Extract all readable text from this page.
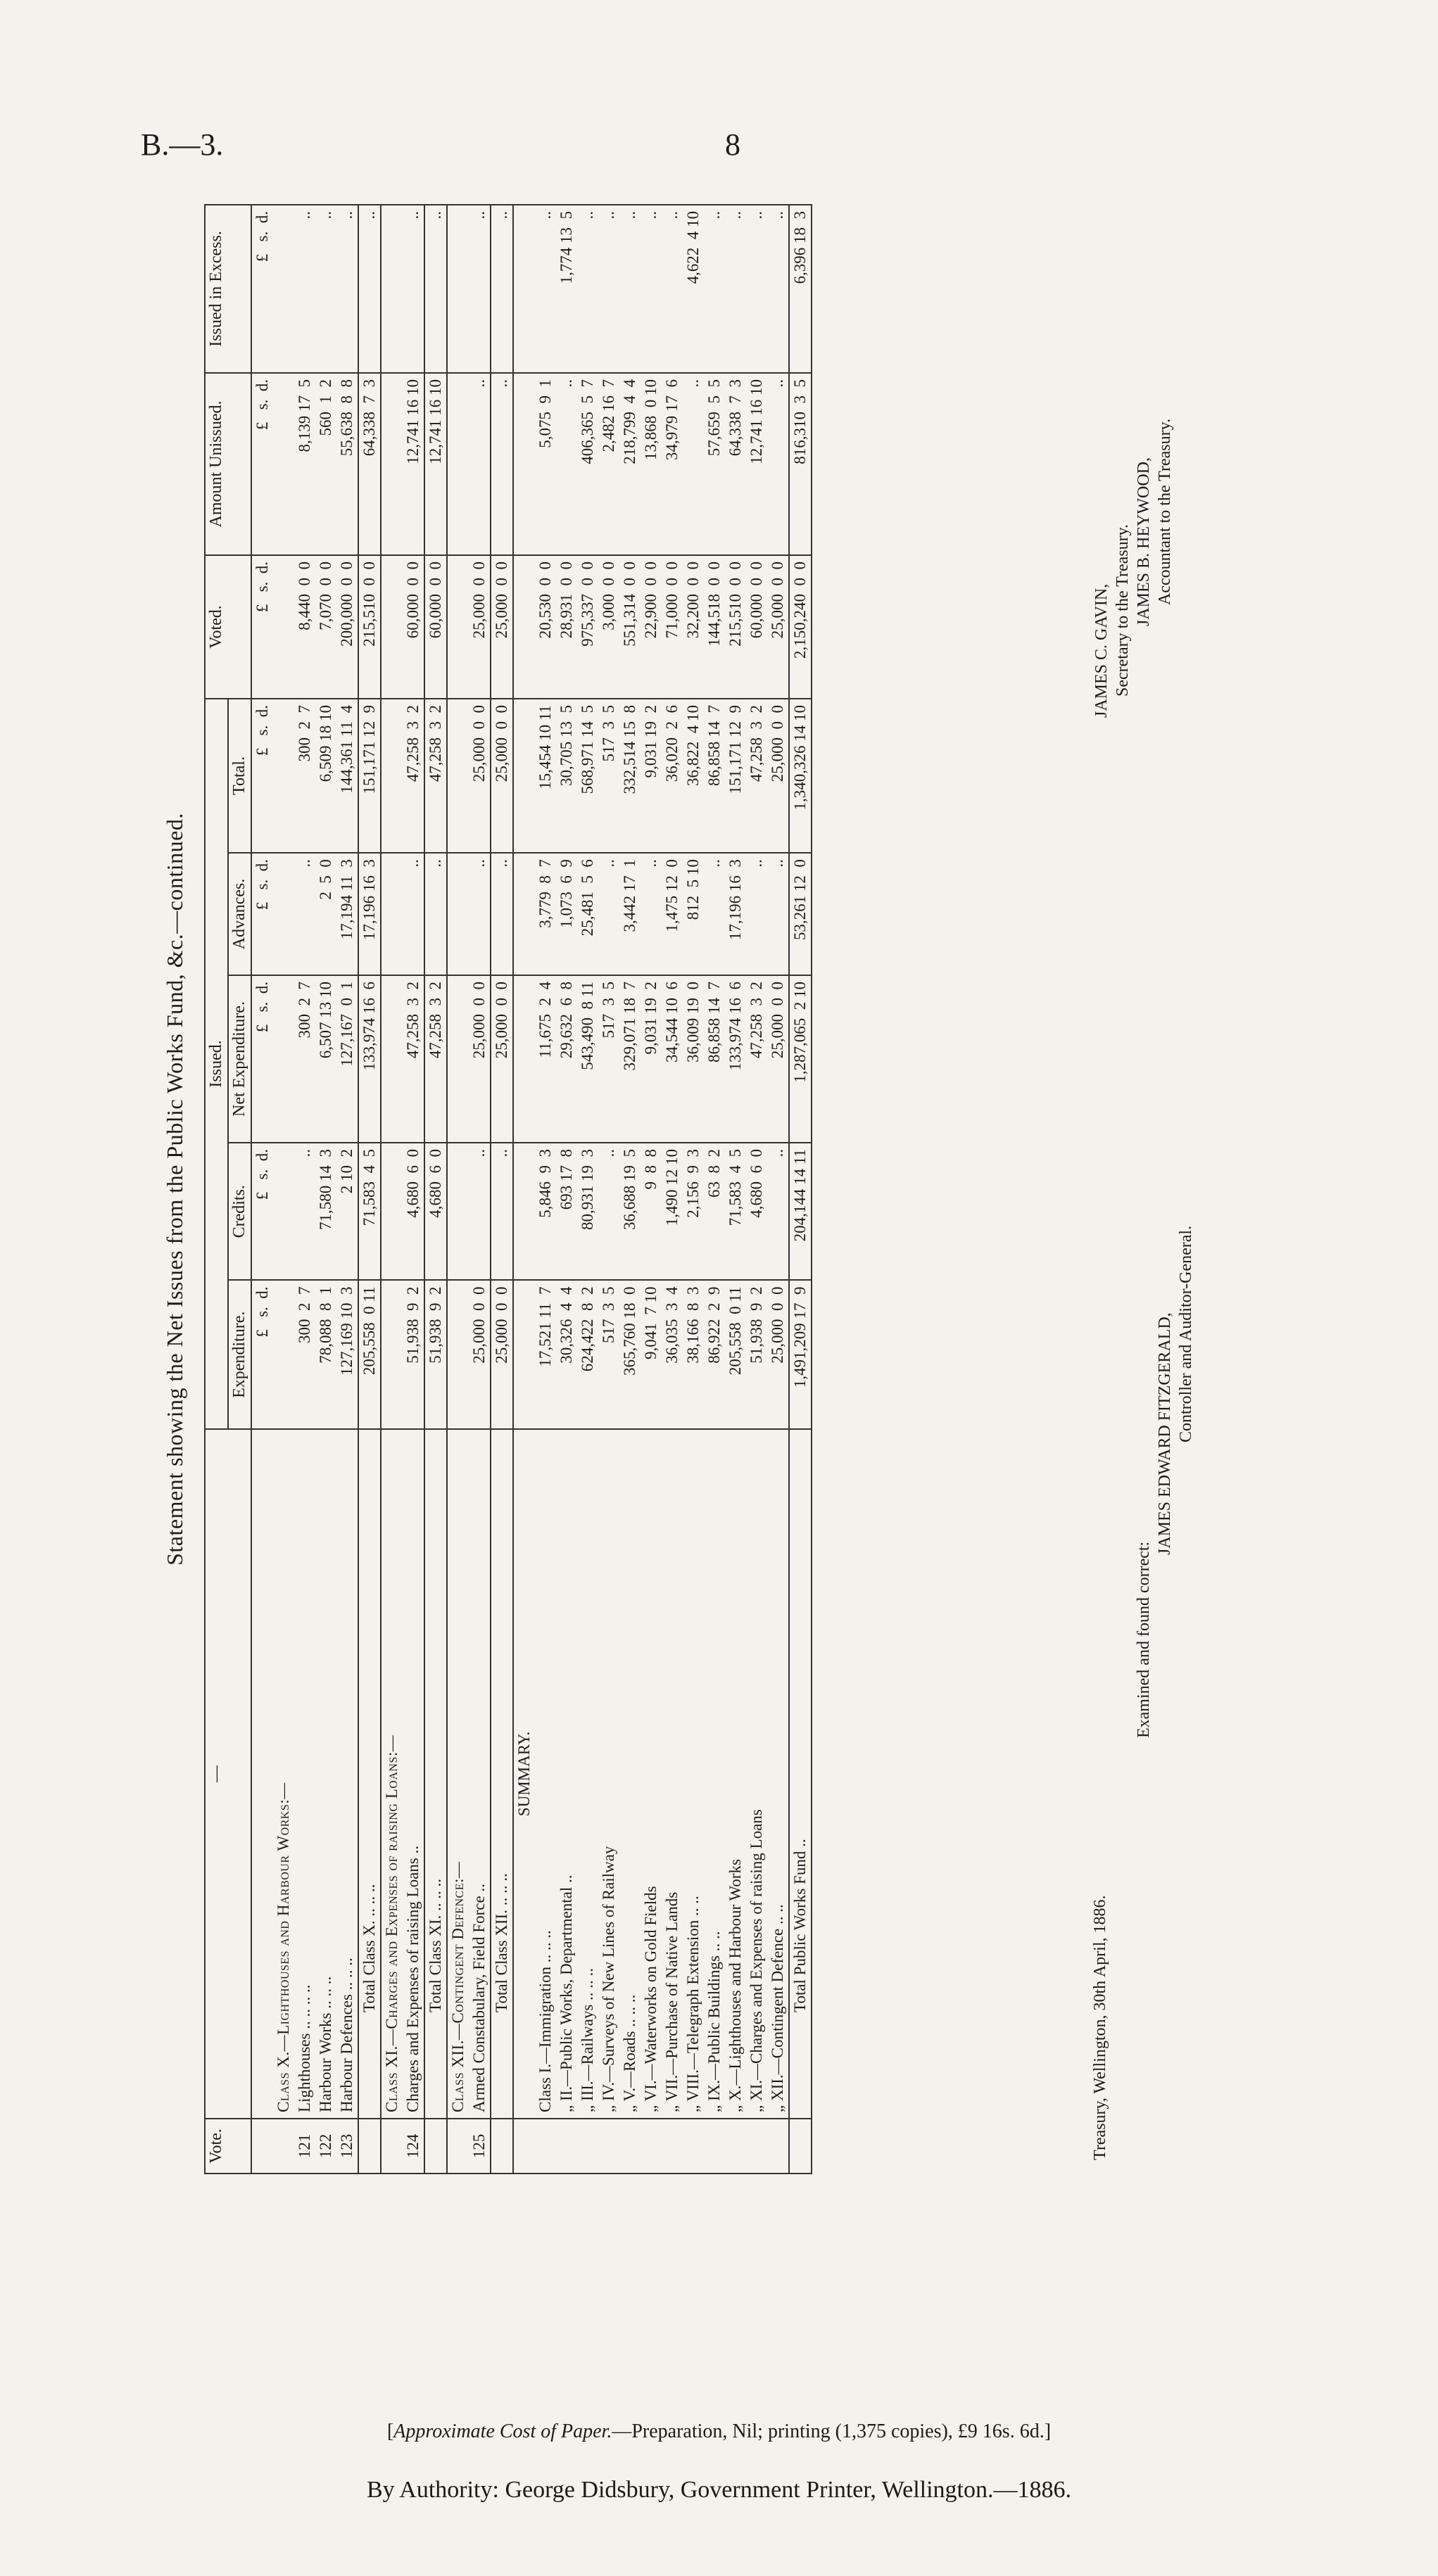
B.—3.	8
Statement showing the Net Issues from the Public Works Fund, &c.—continued.
Vote.	—	Issued.					Voted.	Amount Unissued.	Issued in Excess.
		Expenditure.	Credits.	Net Expenditure.	Advances.	Total.			
		£   s.  d.	£   s.  d.	£   s.  d.	£   s.  d.	£   s.  d.	£   s.  d.	£   s.  d.	£   s.  d.
	Class X.—Lighthouses and Harbour Works:—								
121	Lighthouses .. .. .. ..	300  2  7	..	300  2  7	..	300  2  7	8,440  0  0	8,139 17  5	..
122	Harbour Works .. .. ..	78,088  8  1	71,580 14  3	6,507 13 10	2  5  0	6,509 18 10	7,070  0  0	560  1  2	..
123	Harbour Defences .. .. ..	127,169 10  3	2 10  2	127,167  0  1	17,194 11  3	144,361 11  4	200,000  0  0	55,638  8  8	..
	Total Class X. .. .. ..	205,558  0 11	71,583  4  5	133,974 16  6	17,196 16  3	151,171 12  9	215,510  0  0	64,338  7  3	..
	Class XI.—Charges and Expenses of raising Loans:—								
124	Charges and Expenses of raising Loans ..	51,938  9  2	4,680  6  0	47,258  3  2	..	47,258  3  2	60,000  0  0	12,741 16 10	..
	Total Class XI. .. .. ..	51,938  9  2	4,680  6  0	47,258  3  2	..	47,258  3  2	60,000  0  0	12,741 16 10	..
	Class XII.—Contingent Defence:—								
125	Armed Constabulary, Field Force ..	25,000  0  0	..	25,000  0  0	..	25,000  0  0	25,000  0  0	..	..
	Total Class XII. .. .. ..	25,000  0  0	..	25,000  0  0	..	25,000  0  0	25,000  0  0	..	..
	SUMMARY.								
	Class I.—Immigration .. .. ..	17,521 11  7	5,846  9  3	11,675  2  4	3,779  8  7	15,454 10 11	20,530  0  0	5,075  9  1	..
	„ II.—Public Works, Departmental ..	30,326  4  4	693 17  8	29,632  6  8	1,073  6  9	30,705 13  5	28,931  0  0	..	1,774 13  5
	„ III.—Railways .. .. ..	624,422  8  2	80,931 19  3	543,490  8 11	25,481  5  6	568,971 14  5	975,337  0  0	406,365  5  7	..
	„ IV.—Surveys of New Lines of Railway	517  3  5	..	517  3  5	..	517  3  5	3,000  0  0	2,482 16  7	..
	„ V.—Roads .. .. ..	365,760 18  0	36,688 19  5	329,071 18  7	3,442 17  1	332,514 15  8	551,314  0  0	218,799  4  4	..
	„ VI.—Waterworks on Gold Fields	9,041  7 10	9  8  8	9,031 19  2	..	9,031 19  2	22,900  0  0	13,868  0 10	..
	„ VII.—Purchase of Native Lands	36,035  3  4	1,490 12 10	34,544 10  6	1,475 12  0	36,020  2  6	71,000  0  0	34,979 17  6	..
	„ VIII.—Telegraph Extension .. ..	38,166  8  3	2,156  9  3	36,009 19  0	812  5 10	36,822  4 10	32,200  0  0	..	4,622  4 10
	„ IX.—Public Buildings .. ..	86,922  2  9	63  8  2	86,858 14  7	..	86,858 14  7	144,518  0  0	57,659  5  5	..
	„ X.—Lighthouses and Harbour Works	205,558  0 11	71,583  4  5	133,974 16  6	17,196 16  3	151,171 12  9	215,510  0  0	64,338  7  3	..
	„ XI.—Charges and Expenses of raising Loans	51,938  9  2	4,680  6  0	47,258  3  2	..	47,258  3  2	60,000  0  0	12,741 16 10	..
	„ XII.—Contingent Defence .. ..	25,000  0  0	..	25,000  0  0	..	25,000  0  0	25,000  0  0	..	..
	Total Public Works Fund ..	1,491,209 17  9	204,144 14 11	1,287,065  2 10	53,261 12  0	1,340,326 14 10	2,150,240  0  0	816,310  3  5	6,396 18  3
Treasury, Wellington, 30th April, 1886.
Examined and found correct:
JAMES EDWARD FITZGERALD, Controller and Auditor-General.
JAMES C. GAVIN, Secretary to the Treasury. JAMES B. HEYWOOD, Accountant to the Treasury.
[Approximate Cost of Paper.—Preparation, Nil; printing (1,375 copies), £9 16s. 6d.]
By Authority: George Didsbury, Government Printer, Wellington.—1886.
